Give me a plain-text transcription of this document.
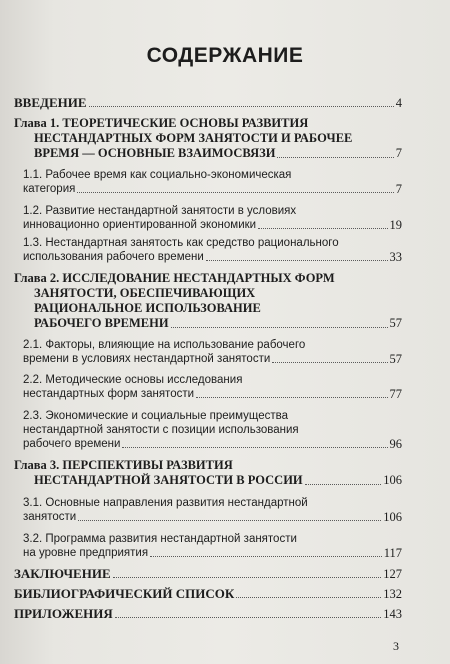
СОДЕРЖАНИЕ
ВВЕДЕНИЕ	4
Глава 1. ТЕОРЕТИЧЕСКИЕ ОСНОВЫ РАЗВИТИЯ
НЕСТАНДАРТНЫХ ФОРМ ЗАНЯТОСТИ И РАБОЧЕЕ
ВРЕМЯ — ОСНОВНЫЕ ВЗАИМОСВЯЗИ	7
1.1. Рабочее время как социально-экономическая
категория	7
1.2. Развитие нестандартной занятости в условиях
инновационно ориентированной экономики	19
1.3. Нестандартная занятость как средство рационального
использования рабочего времени	33
Глава 2. ИССЛЕДОВАНИЕ НЕСТАНДАРТНЫХ ФОРМ
ЗАНЯТОСТИ, ОБЕСПЕЧИВАЮЩИХ
РАЦИОНАЛЬНОЕ ИСПОЛЬЗОВАНИЕ
РАБОЧЕГО ВРЕМЕНИ	57
2.1. Факторы, влияющие на использование рабочего
времени в условиях нестандартной занятости	57
2.2. Методические основы исследования
нестандартных форм занятости	77
2.3. Экономические и социальные преимущества
нестандартной занятости с позиции использования
рабочего времени	96
Глава 3. ПЕРСПЕКТИВЫ РАЗВИТИЯ
НЕСТАНДАРТНОЙ ЗАНЯТОСТИ В РОССИИ	106
3.1. Основные направления развития нестандартной
занятости	106
3.2. Программа развития нестандартной занятости
на уровне предприятия	117
ЗАКЛЮЧЕНИЕ	127
БИБЛИОГРАФИЧЕСКИЙ СПИСОК	132
ПРИЛОЖЕНИЯ	143
3
